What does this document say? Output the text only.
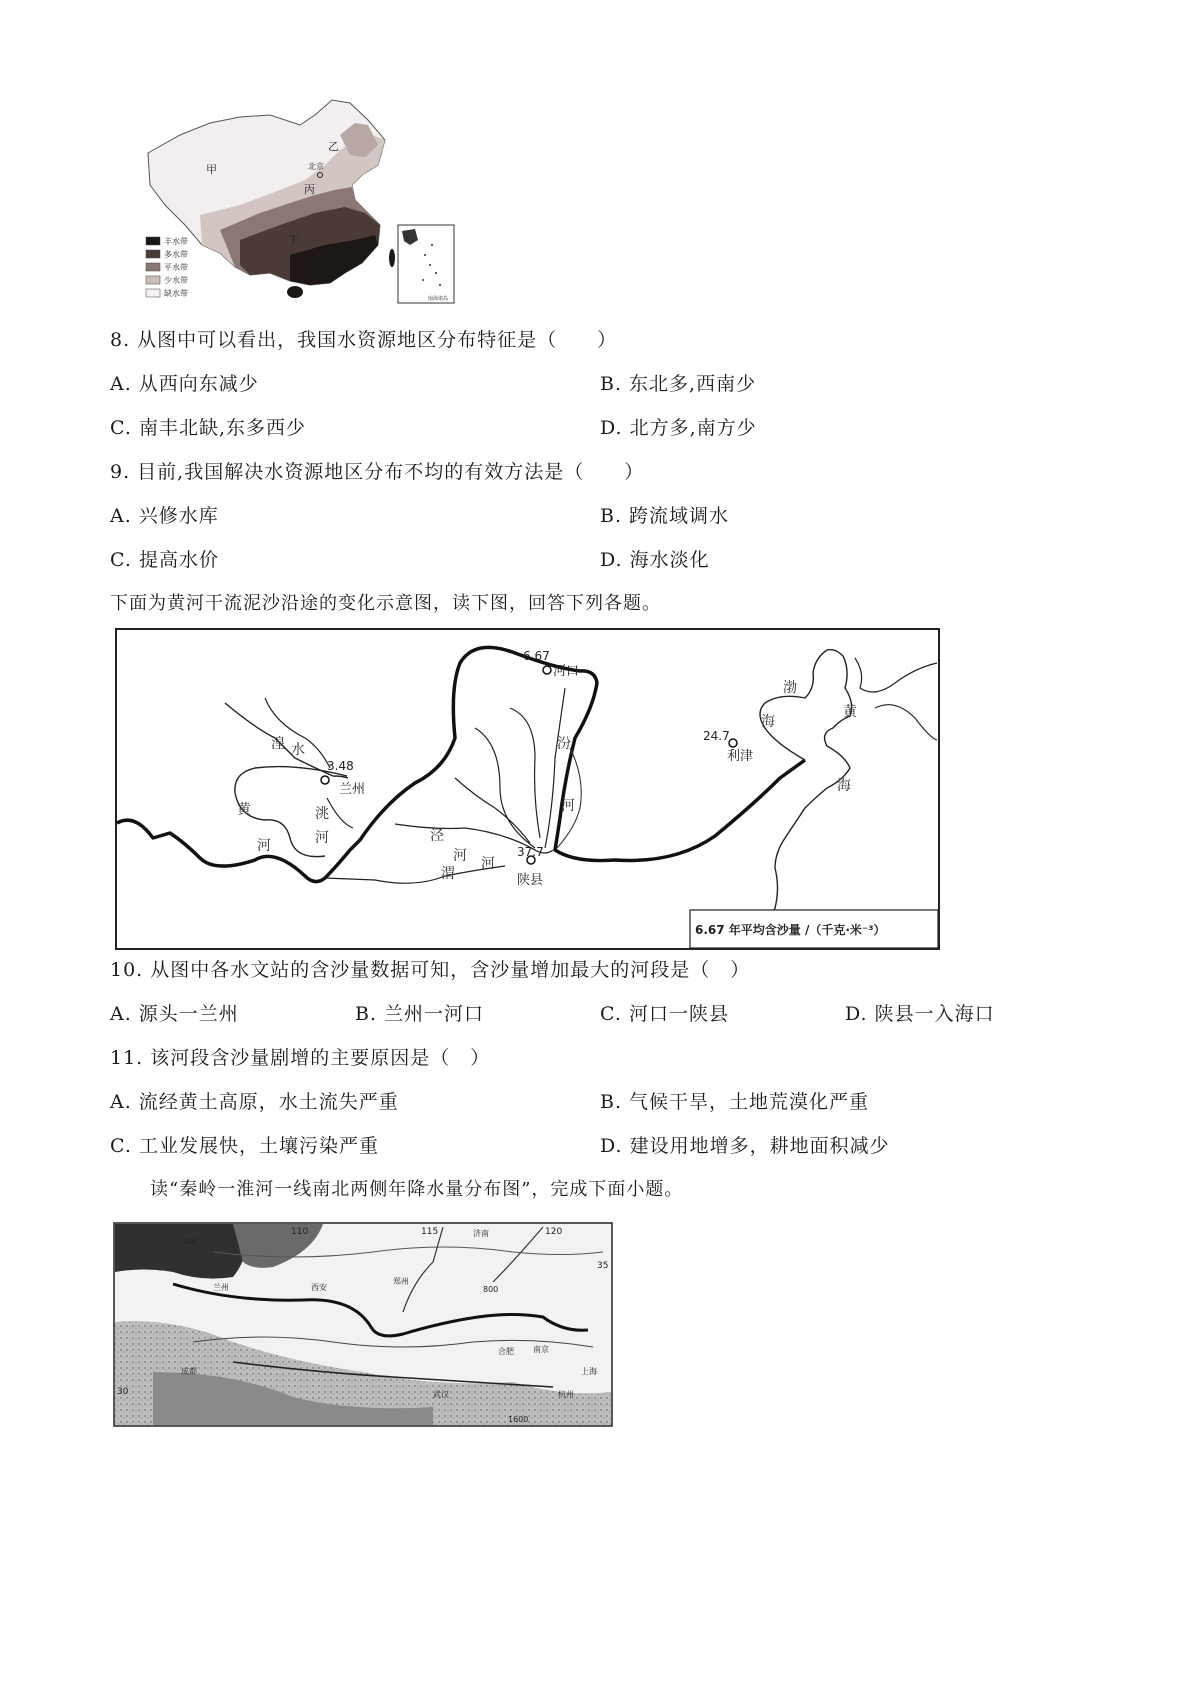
甲
乙
北京
丙
丁
丰水带
多水带
平水带
少水带
缺水带
南海诸岛
8. 从图中可以看出，我国水资源地区分布特征是（　　）
A. 从西向东减少	B. 东北多,西南少
C. 南丰北缺,东多西少	D. 北方多,南方少
9. 目前,我国解决水资源地区分布不均的有效方法是（　　）
A. 兴修水库	B. 跨流域调水
C. 提高水价	D. 海水淡化
下面为黄河干流泥沙沿途的变化示意图，读下图，回答下列各题。
3.48
兰州
6.67
河口
37.7
陕县
24.7
利津
黄
河
湟 水
洮
河
汾
河
泾
河
渭
河
渤
海
黄
海
6.67 年平均含沙量 /（千克·米⁻³）
10. 从图中各水文站的含沙量数据可知，含沙量增加最大的河段是（　）
A. 源头一兰州	B. 兰州一河口	C. 河口一陕县	D. 陕县一入海口
11. 该河段含沙量剧增的主要原因是（　）
A. 流经黄土高原，水土流失严重	B. 气候干旱，土地荒漠化严重
C. 工业发展快，土壤污染严重	D. 建设用地增多，耕地面积减少
读“秦岭一淮河一线南北两侧年降水量分布图”，完成下面小题。
110	115	120
35
30
400
800
1600
兰州	西安
郑州
济南
南京
合肥
武汉
上海
杭州
成都
